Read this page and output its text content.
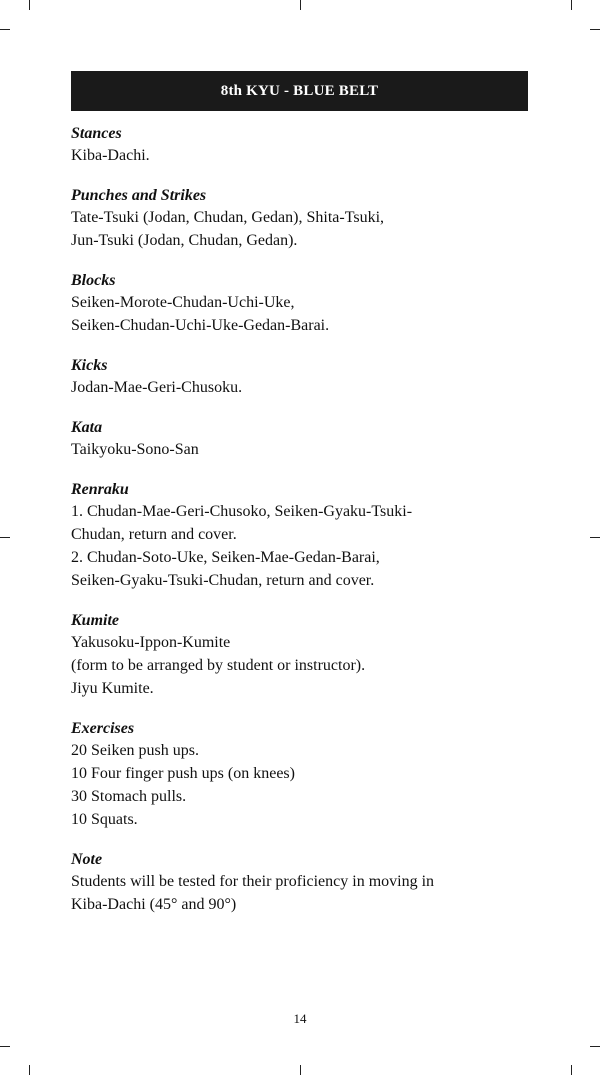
8th KYU - BLUE BELT

Stances

Kiba-Dachi.

Punches and Strikes

Tate-Tsuki (Jodan, Chudan, Gedan), Shita-Tsuki,

Jun-Tsuki (Jodan, Chudan, Gedan).

Blocks

Seiken-Morote-Chudan-Uchi-Uke,

Seiken-Chudan-Uchi-Uke-Gedan-Barai.

Kicks

Jodan-Mae-Geri-Chusoku.

Kata

Taikyoku-Sono-San

Renraku

1. Chudan-Mae-Geri-Chusoko, Seiken-Gyaku-Tsuki-

Chudan, return and cover.

2. Chudan-Soto-Uke, Seiken-Mae-Gedan-Barai,

Seiken-Gyaku-Tsuki-Chudan, return and cover.

Kumite

Yakusoku-Ippon-Kumite

(form to be arranged by student or instructor).

Jiyu Kumite.

Exercises

20 Seiken push ups.

10 Four finger push ups (on knees)

30 Stomach pulls.

10 Squats.

Note

Students will be tested for their proficiency in moving in

Kiba-Dachi (45° and 90°)

14
